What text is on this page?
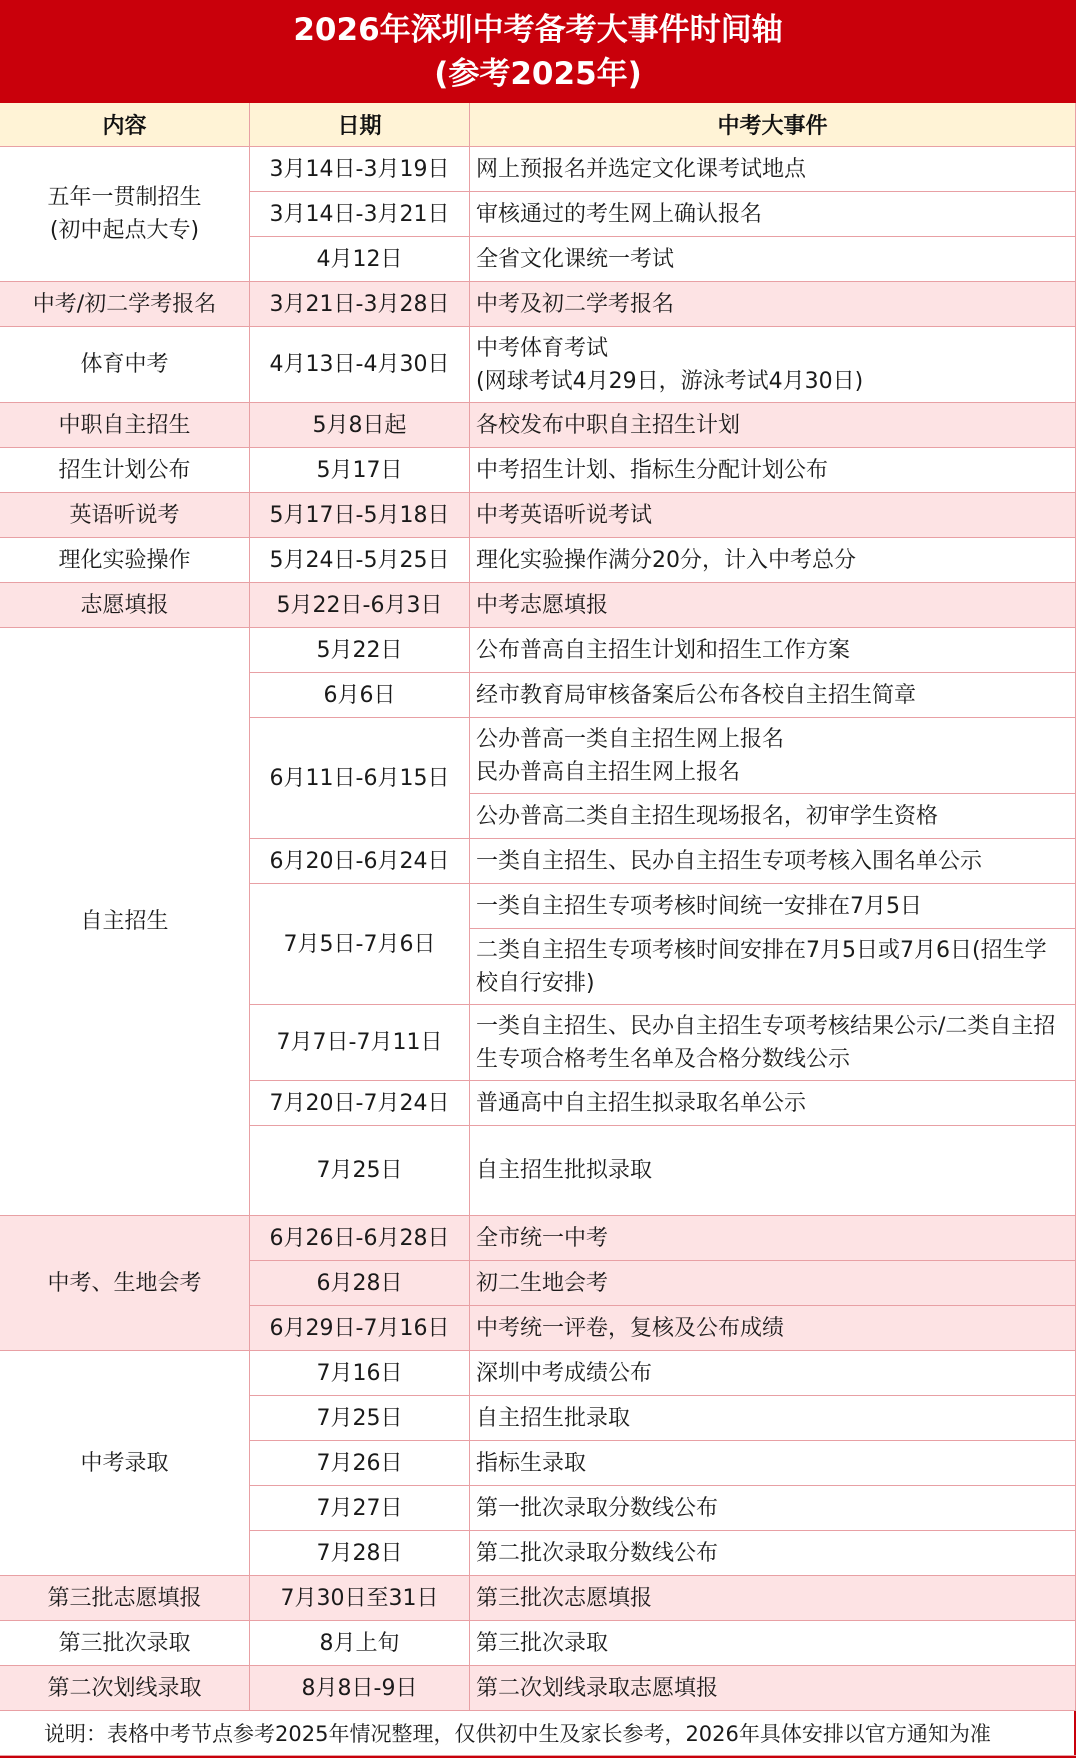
2026年深圳中考备考大事件时间轴
(参考2025年)
内容	日期	中考大事件
五年一贯制招生
(初中起点大专)
中考/初二学考报名
体育中考
中职自主招生
招生计划公布
英语听说考
理化实验操作
志愿填报
自主招生
中考、生地会考
中考录取
第三批志愿填报
第三批次录取
第二次划线录取
3月14日-3月19日
3月14日-3月21日
4月12日
3月21日-3月28日
4月13日-4月30日
5月8日起
5月17日
5月17日-5月18日
5月24日-5月25日
5月22日-6月3日
5月22日
6月6日
6月11日-6月15日
6月20日-6月24日
7月5日-7月6日
7月7日-7月11日
7月20日-7月24日
7月25日
6月26日-6月28日
6月28日
6月29日-7月16日
7月16日
7月25日
7月26日
7月27日
7月28日
7月30日至31日
8月上旬
8月8日-9日
网上预报名并选定文化课考试地点
审核通过的考生网上确认报名
全省文化课统一考试
中考及初二学考报名
中考体育考试
(网球考试4月29日，游泳考试4月30日)
各校发布中职自主招生计划
中考招生计划、指标生分配计划公布
中考英语听说考试
理化实验操作满分20分，计入中考总分
中考志愿填报
公布普高自主招生计划和招生工作方案
经市教育局审核备案后公布各校自主招生简章
公办普高一类自主招生网上报名
民办普高自主招生网上报名
公办普高二类自主招生现场报名，初审学生资格
一类自主招生、民办自主招生专项考核入围名单公示
一类自主招生专项考核时间统一安排在7月5日
二类自主招生专项考核时间安排在7月5日或7月6日(招生学校自行安排)
一类自主招生、民办自主招生专项考核结果公示/二类自主招生专项合格考生名单及合格分数线公示
普通高中自主招生拟录取名单公示
自主招生批拟录取
全市统一中考
初二生地会考
中考统一评卷，复核及公布成绩
深圳中考成绩公布
自主招生批录取
指标生录取
第一批次录取分数线公布
第二批次录取分数线公布
第三批次志愿填报
第三批次录取
第二次划线录取志愿填报
说明：表格中考节点参考2025年情况整理，仅供初中生及家长参考，2026年具体安排以官方通知为准
